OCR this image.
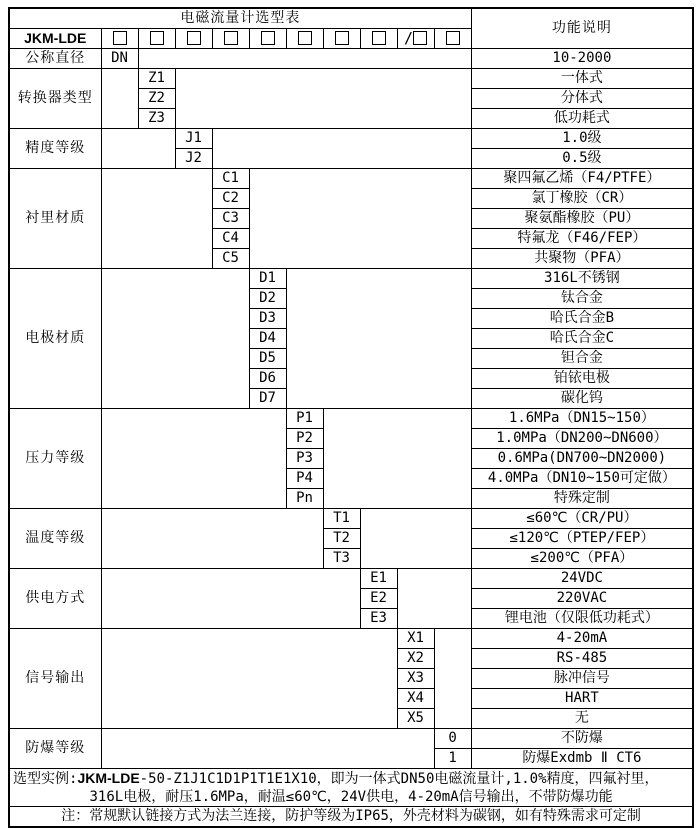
电磁流量计选型表											功能说明
JKM-LDE									/		
公称直径	DN										10-2000
转换器类型		Z1									一体式
		Z2									分体式
		Z3									低功耗式
精度等级			J1								1.0级
			J2								0.5级
衬里材质				C1							聚四氟乙烯（F4/PTFE）
				C2							氯丁橡胶（CR）
				C3							聚氨酯橡胶（PU）
				C4							特氟龙（F46/FEP）
				C5							共聚物（PFA）
电极材质					D1						316L不锈钢
					D2						钛合金
					D3						哈氏合金B
					D4						哈氏合金C
					D5						钽合金
					D6						铂铱电极
					D7						碳化钨
压力等级						P1					1.6MPa（DN15~150）
						P2					1.0MPa（DN200~DN600）
						P3					0.6MPa(DN700~DN2000)
						P4					4.0MPa（DN10~150可定做）
						Pn					特殊定制
温度等级							T1				≤60℃（CR/PU）
							T2				≤120℃（PTEP/FEP）
							T3				≤200℃（PFA）
供电方式								E1			24VDC
								E2			220VAC
								E3			锂电池（仅限低功耗式）
信号输出									X1		4-20mA
									X2		RS-485
									X3		脉冲信号
									X4		HART
									X5		无
防爆等级										0	不防爆
										1	防爆Exdmb Ⅱ CT6

选型实例:JKM-LDE-50-Z1J1C1D1P1T1E1X10，即为一体式DN50电磁流量计,1.0%精度，四氟衬里，
316L电极，耐压1.6MPa，耐温≤60℃，24V供电，4-20mA信号输出，不带防爆功能											

注：常规默认链接方式为法兰连接，防护等级为IP65，外壳材料为碳钢，如有特殊需求可定制											
